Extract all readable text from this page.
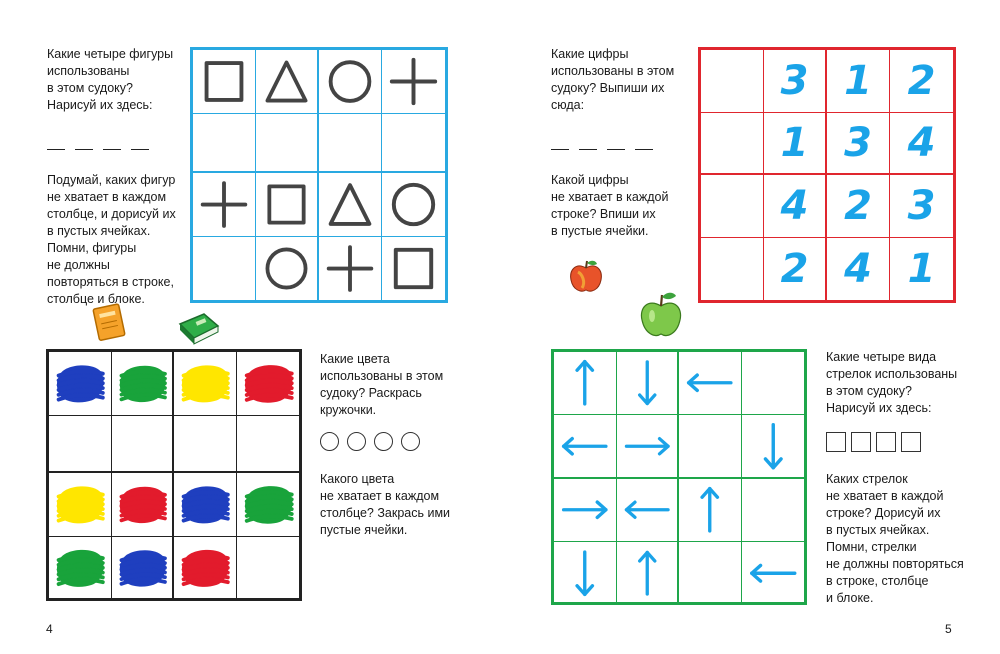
Какие четыре фигуры
использованы
в этом судоку?
Нарисуй их здесь:
Подумай, каких фигур
не хватает в каждом
столбце, и дорисуй их
в пустых ячейках.
Помни, фигуры
не должны
повторяться в строке,
столбце и блоке.
Какие цвета
использованы в этом
судоку? Раскрась
кружочки.
Какого цвета
не хватает в каждом
столбце? Закрась ими
пустые ячейки.
4
Какие цифры
использованы в этом
судоку? Выпиши их
сюда:
Какой цифры
не хватает в каждой
строке? Впиши их
в пустые ячейки.
3 1 2
1 3 4
4 2 3
2 4 1
Какие четыре вида
стрелок использованы
в этом судоку?
Нарисуй их здесь:
Каких стрелок
не хватает в каждой
строке? Дорисуй их
в пустых ячейках.
Помни, стрелки
не должны повторяться
в строке, столбце
и блоке.
5
